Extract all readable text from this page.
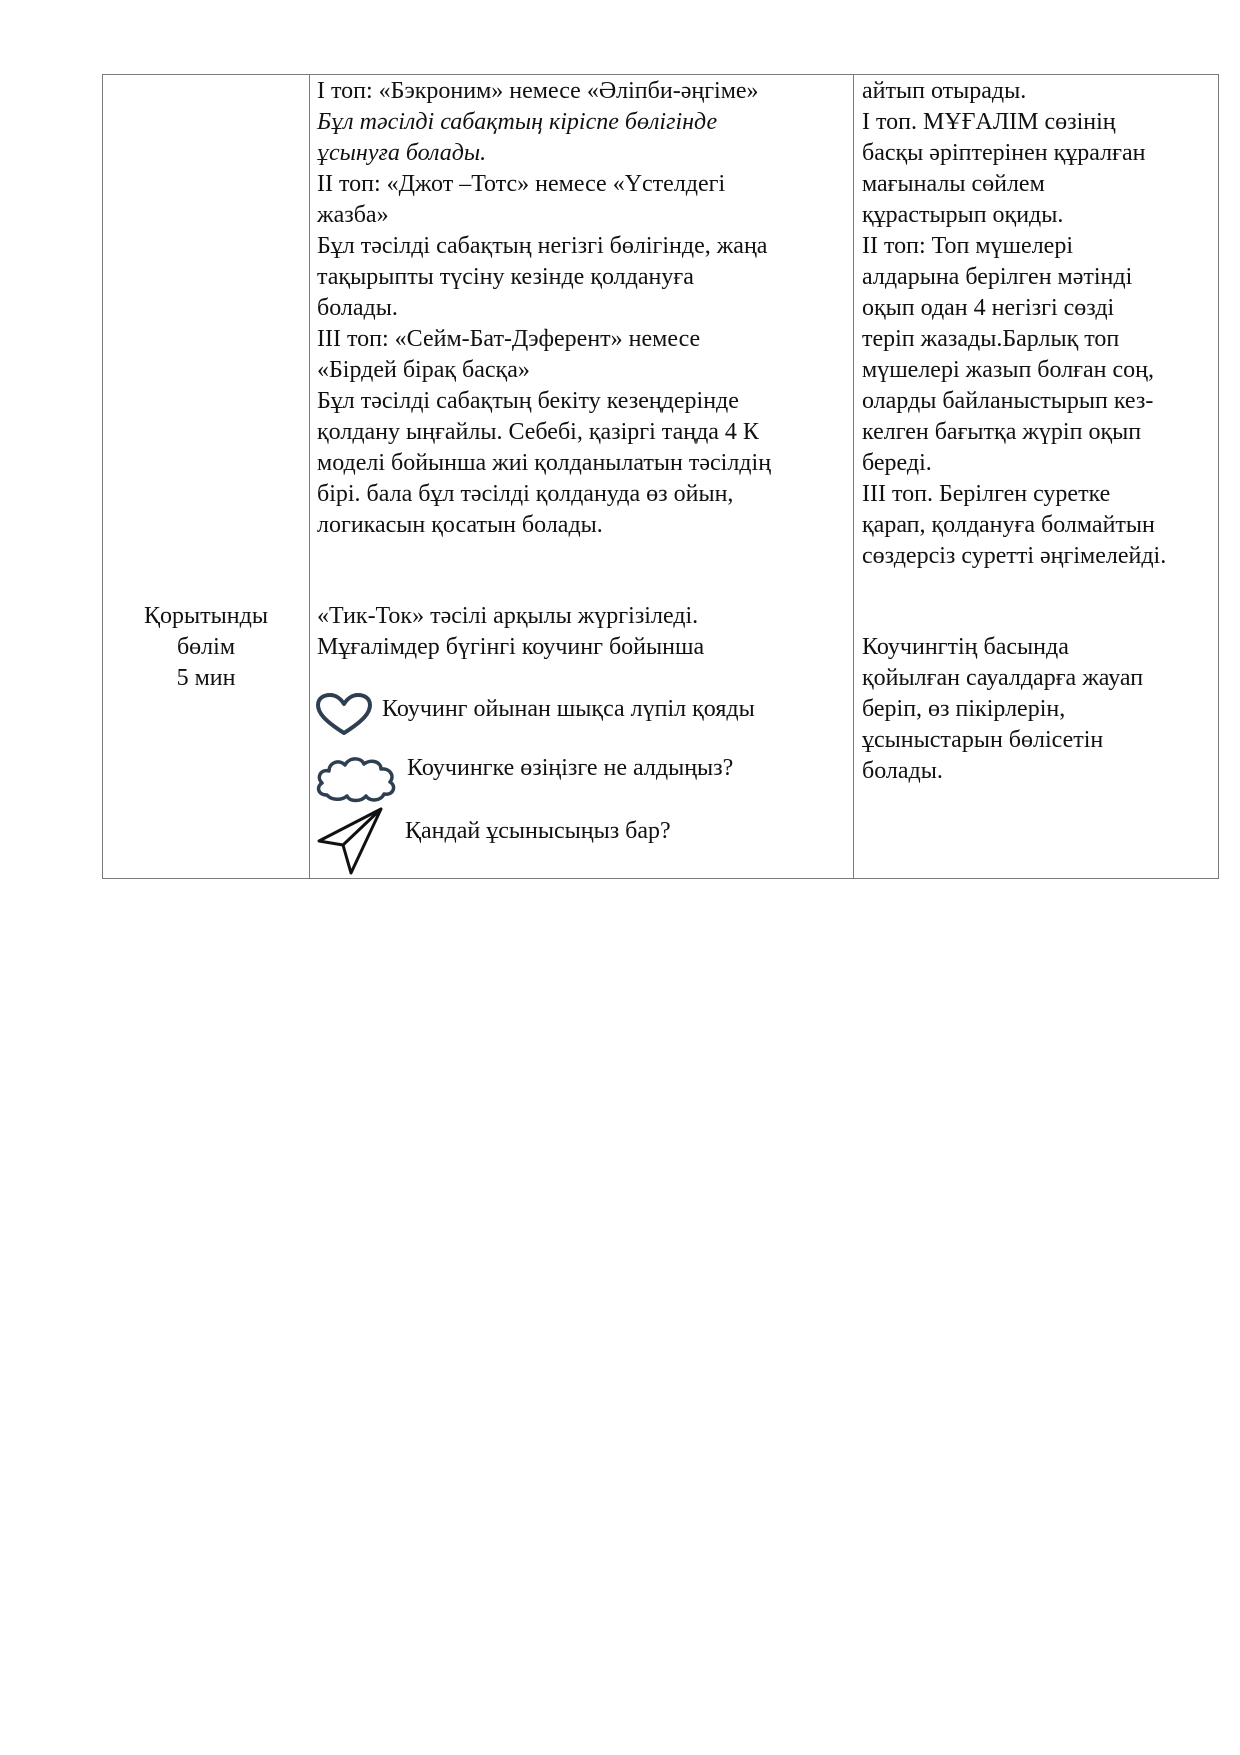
Қорытынды
бөлім
5 мин
I топ: «Бэкроним» немесе «Әліпби-әңгіме»
Бұл тәсілді сабақтың кіріспе бөлігінде
ұсынуға болады.
II топ: «Джот –Тотс» немесе «Үстелдегі
жазба»
Бұл тәсілді сабақтың негізгі бөлігінде, жаңа
тақырыпты түсіну кезінде қолдануға
болады.
III топ: «Сейм-Бат-Дэферент» немесе
«Бірдей бірақ басқа»
Бұл тәсілді сабақтың бекіту кезеңдерінде
қолдану ыңғайлы. Себебі, қазіргі таңда 4 К
моделі бойынша жиі қолданылатын тәсілдің
бірі. бала бұл тәсілді қолдануда өз ойын,
логикасын қосатын болады.
«Тик-Ток» тәсілі арқылы жүргізіледі.
Мұғалімдер бүгінгі коучинг бойынша
Коучинг ойынан шықса лүпіл қояды
Коучингке өзіңізге не алдыңыз?
Қандай ұсынысыңыз бар?
айтып отырады.
I топ. МҰҒАЛІМ сөзінің
басқы әріптерінен құралған
мағыналы сөйлем
құрастырып оқиды.
II топ: Топ мүшелері
алдарына берілген мәтінді
оқып одан 4 негізгі сөзді
теріп жазады.Барлық топ
мүшелері жазып болған соң,
оларды байланыстырып кез-
келген бағытқа жүріп оқып
береді.
III топ. Берілген суретке
қарап, қолдануға болмайтын
сөздерсіз суретті әңгімелейді.
Коучингтің басында
қойылған сауалдарға жауап
беріп, өз пікірлерін,
ұсыныстарын бөлісетін
болады.
